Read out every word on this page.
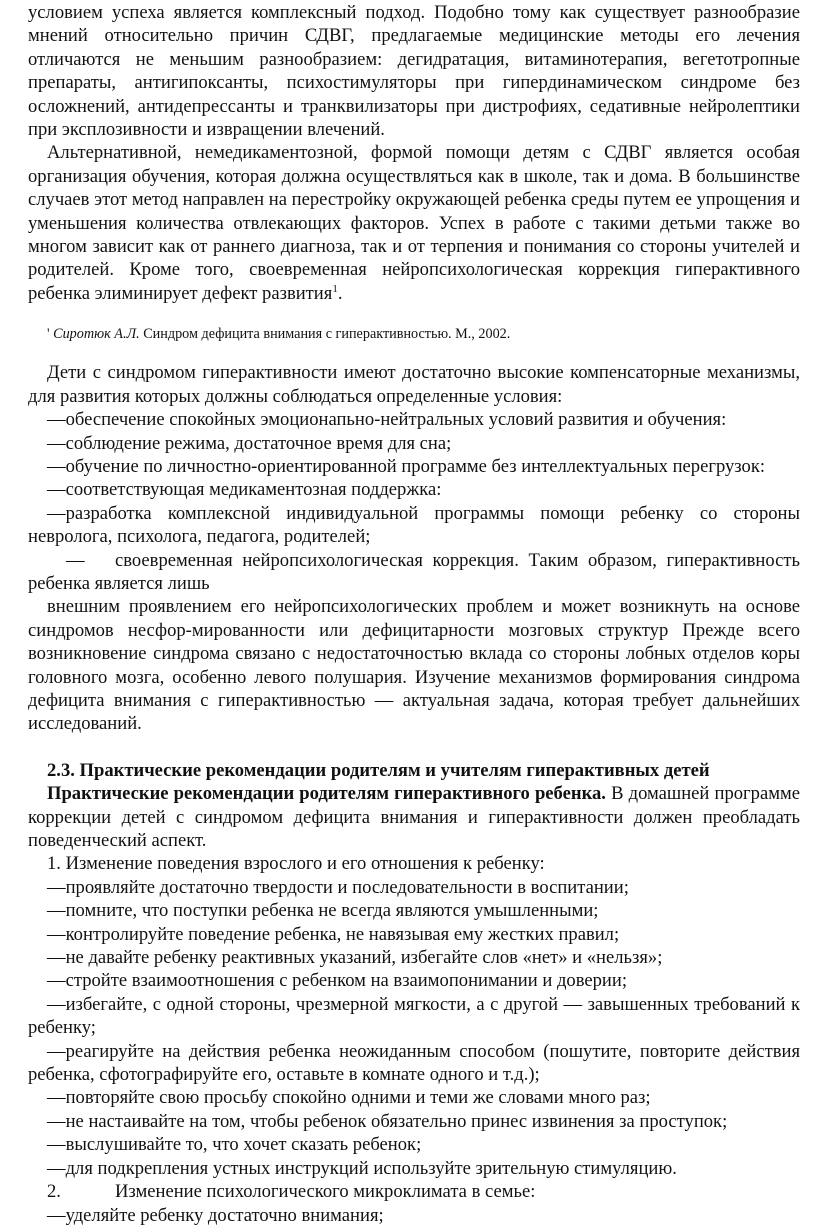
условием успеха является комплексный подход. Подобно тому как существует разнообразие мнений относительно причин СДВГ, предлагаемые медицинские методы его лечения отличаются не меньшим разнообразием: дегидратация, витаминотерапия, вегетотропные препараты, антигипоксанты, психостимуляторы при гипердинамическом синдроме без осложнений, антидепрессанты и транквилизаторы при дистрофиях, седативные нейролептики при эксплозивности и извращении влечений.

Альтернативной, немедикаментозной, формой помощи детям с СДВГ является особая организация обучения, которая должна осуществляться как в школе, так и дома. В большинстве случаев этот метод направлен на перестройку окружающей ребенка среды путем ее упрощения и уменьшения количества отвлекающих факторов. Успех в работе с такими детьми также во многом зависит как от раннего диагноза, так и от терпения и понимания со стороны учителей и родителей. Кроме того, своевременная нейропсихологическая коррекция гиперактивного ребенка элиминирует дефект развития$^1$.

' Сиротюк А.Л. Синдром дефицита внимания с гиперактивностью. М., 2002.

Дети с синдромом гиперактивности имеют достаточно высокие компенсаторные механизмы, для развития которых должны соблюдаться определенные условия:

—обеспечение спокойных эмоционапьно-нейтральных условий развития и обучения:

—соблюдение режима, достаточное время для сна;

—обучение по личностно-ориентированной программе без интеллектуальных перегрузок:

—соответствующая медикаментозная поддержка:

—разработка комплексной индивидуальной программы помощи ребенку со стороны невролога, психолога, педагога, родителей;

— своевременная нейропсихологическая коррекция. Таким образом, гиперактивность ребенка является лишь

внешним проявлением его нейропсихологических проблем и может возникнуть на основе синдромов несфор-мированности или дефицитарности мозговых структур Прежде всего возникновение синдрома связано с недостаточностью вклада со стороны лобных отделов коры головного мозга, особенно левого полушария. Изучение механизмов формирования синдрома дефицита внимания с гиперактивностью — актуальная задача, которая требует дальнейших исследований.

2.3. Практические рекомендации родителям и учителям гиперактивных детей

Практические рекомендации родителям гиперактивного ребенка. В домашней программе коррекции детей с синдромом дефицита внимания и гиперактивности должен преобладать поведенческий аспект.

1. Изменение поведения взрослого и его отношения к ребенку:

—проявляйте достаточно твердости и последовательности в воспитании;

—помните, что поступки ребенка не всегда являются умышленными;

—контролируйте поведение ребенка, не навязывая ему жестких правил;

—не давайте ребенку реактивных указаний, избегайте слов «нет» и «нельзя»;

—стройте взаимоотношения с ребенком на взаимопонимании и доверии;

—избегайте, с одной стороны, чрезмерной мягкости, а с другой — завышенных требований к ребенку;

—реагируйте на действия ребенка неожиданным способом (пошутите, повторите действия ребенка, сфотографируйте его, оставьте в комнате одного и т.д.);

—повторяйте свою просьбу спокойно одними и теми же словами много раз;

—не настаивайте на том, чтобы ребенок обязательно принес извинения за проступок;

—выслушивайте то, что хочет сказать ребенок;

—для подкрепления устных инструкций используйте зрительную стимуляцию.

2.	Изменение психологического микроклимата в семье:

—уделяйте ребенку достаточно внимания;
